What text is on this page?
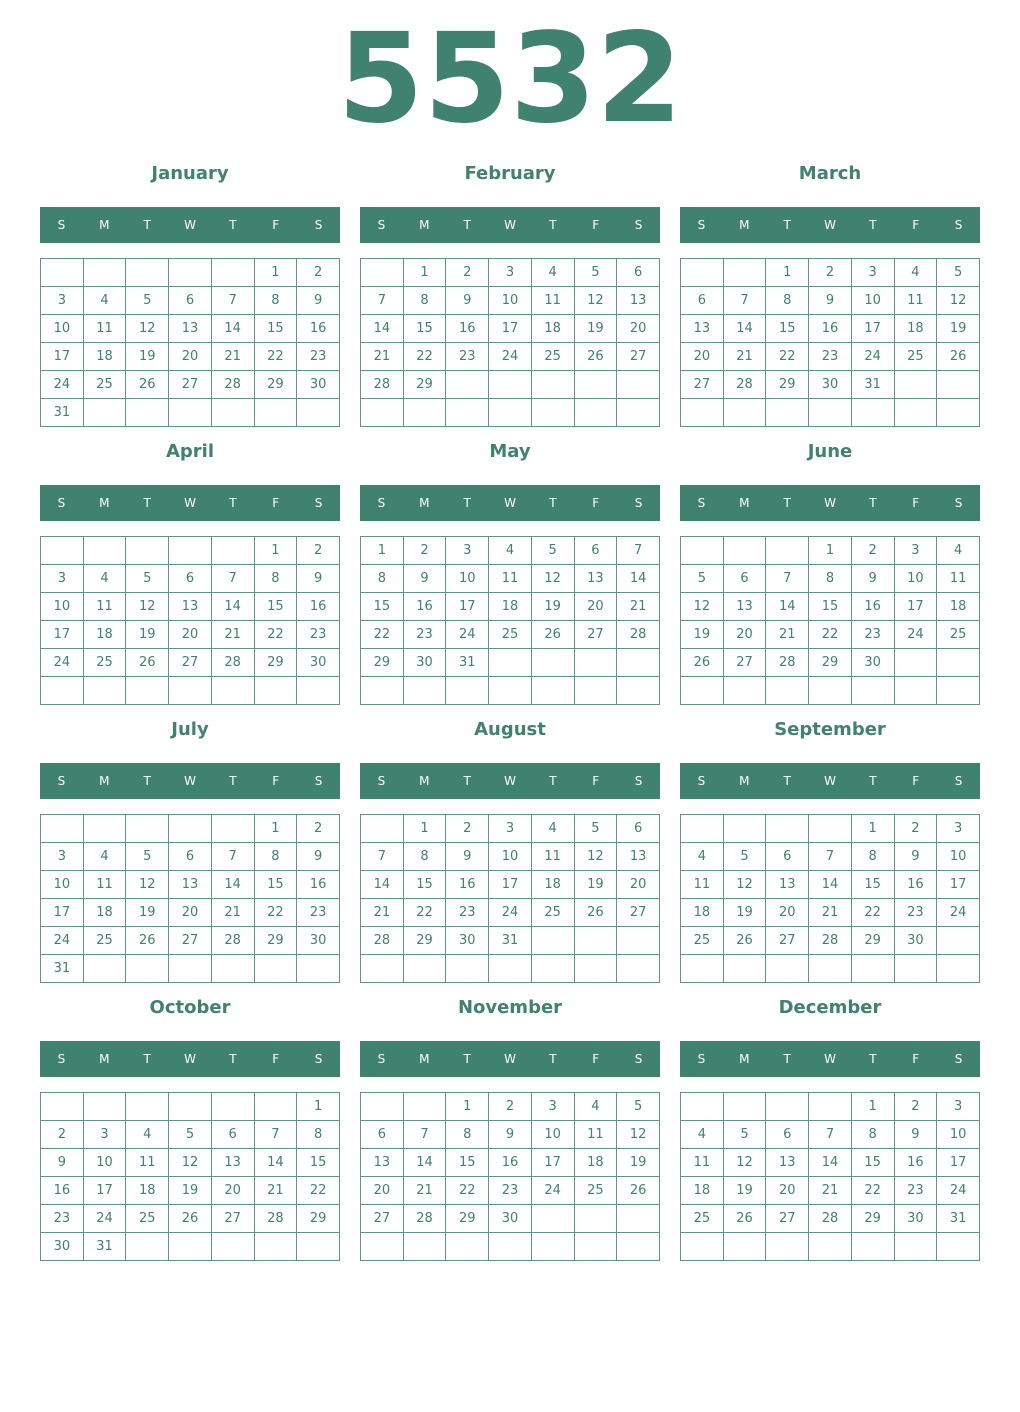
5532
January
S	M	T	W	T	F	S
					1	2
3	4	5	6	7	8	9
10	11	12	13	14	15	16
17	18	19	20	21	22	23
24	25	26	27	28	29	30
31						
February
S	M	T	W	T	F	S
	1	2	3	4	5	6
7	8	9	10	11	12	13
14	15	16	17	18	19	20
21	22	23	24	25	26	27
28	29					

March
S	M	T	W	T	F	S
		1	2	3	4	5
6	7	8	9	10	11	12
13	14	15	16	17	18	19
20	21	22	23	24	25	26
27	28	29	30	31		

April
S	M	T	W	T	F	S
					1	2
3	4	5	6	7	8	9
10	11	12	13	14	15	16
17	18	19	20	21	22	23
24	25	26	27	28	29	30

May
S	M	T	W	T	F	S
1	2	3	4	5	6	7
8	9	10	11	12	13	14
15	16	17	18	19	20	21
22	23	24	25	26	27	28
29	30	31				

June
S	M	T	W	T	F	S
			1	2	3	4
5	6	7	8	9	10	11
12	13	14	15	16	17	18
19	20	21	22	23	24	25
26	27	28	29	30		

July
S	M	T	W	T	F	S
					1	2
3	4	5	6	7	8	9
10	11	12	13	14	15	16
17	18	19	20	21	22	23
24	25	26	27	28	29	30
31						
August
S	M	T	W	T	F	S
	1	2	3	4	5	6
7	8	9	10	11	12	13
14	15	16	17	18	19	20
21	22	23	24	25	26	27
28	29	30	31			

September
S	M	T	W	T	F	S
				1	2	3
4	5	6	7	8	9	10
11	12	13	14	15	16	17
18	19	20	21	22	23	24
25	26	27	28	29	30	

October
S	M	T	W	T	F	S
						1
2	3	4	5	6	7	8
9	10	11	12	13	14	15
16	17	18	19	20	21	22
23	24	25	26	27	28	29
30	31					
November
S	M	T	W	T	F	S
		1	2	3	4	5
6	7	8	9	10	11	12
13	14	15	16	17	18	19
20	21	22	23	24	25	26
27	28	29	30			

December
S	M	T	W	T	F	S
				1	2	3
4	5	6	7	8	9	10
11	12	13	14	15	16	17
18	19	20	21	22	23	24
25	26	27	28	29	30	31
